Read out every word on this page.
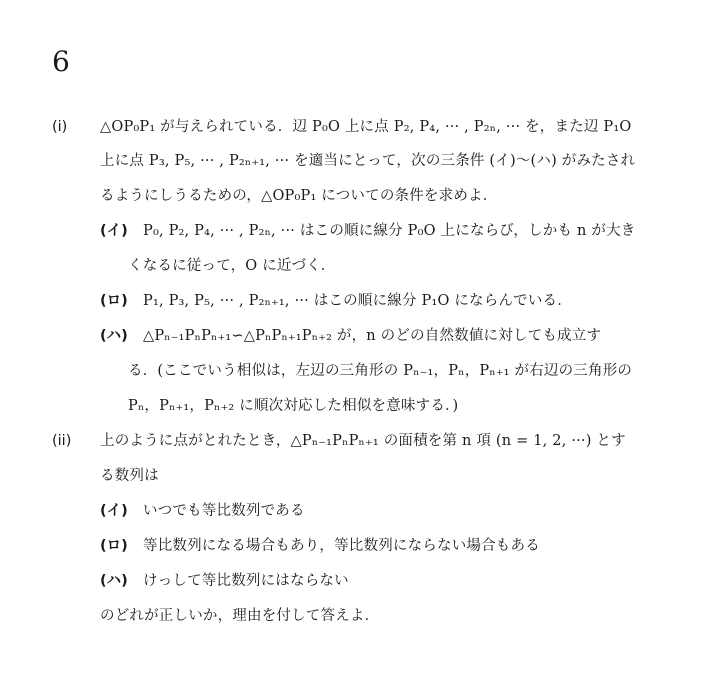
6
(i) △OP₀P₁ が与えられている．辺 P₀O 上に点 P₂, P₄, ··· , P₂ₙ, ··· を，また辺 P₁O
上に点 P₃, P₅, ··· , P₂ₙ₊₁, ··· を適当にとって，次の三条件 (イ)〜(ハ) がみたされ
るようにしうるための，△OP₀P₁ についての条件を求めよ．
(イ) P₀, P₂, P₄, ··· , P₂ₙ, ··· はこの順に線分 P₀O 上にならび，しかも n が大き
くなるに従って，O に近づく．
(ロ) P₁, P₃, P₅, ··· , P₂ₙ₊₁, ··· はこの順に線分 P₁O にならんでいる．
(ハ) △Pₙ₋₁PₙPₙ₊₁∽△PₙPₙ₊₁Pₙ₊₂ が，n のどの自然数値に対しても成立す
る．(ここでいう相似は，左辺の三角形の Pₙ₋₁，Pₙ，Pₙ₊₁ が右辺の三角形の
Pₙ，Pₙ₊₁，Pₙ₊₂ に順次対応した相似を意味する．)
(ii) 上のように点がとれたとき，△Pₙ₋₁PₙPₙ₊₁ の面積を第 n 項 (n = 1, 2, ···) とす
る数列は
(イ) いつでも等比数列である
(ロ) 等比数列になる場合もあり，等比数列にならない場合もある
(ハ) けっして等比数列にはならない
のどれが正しいか，理由を付して答えよ．
